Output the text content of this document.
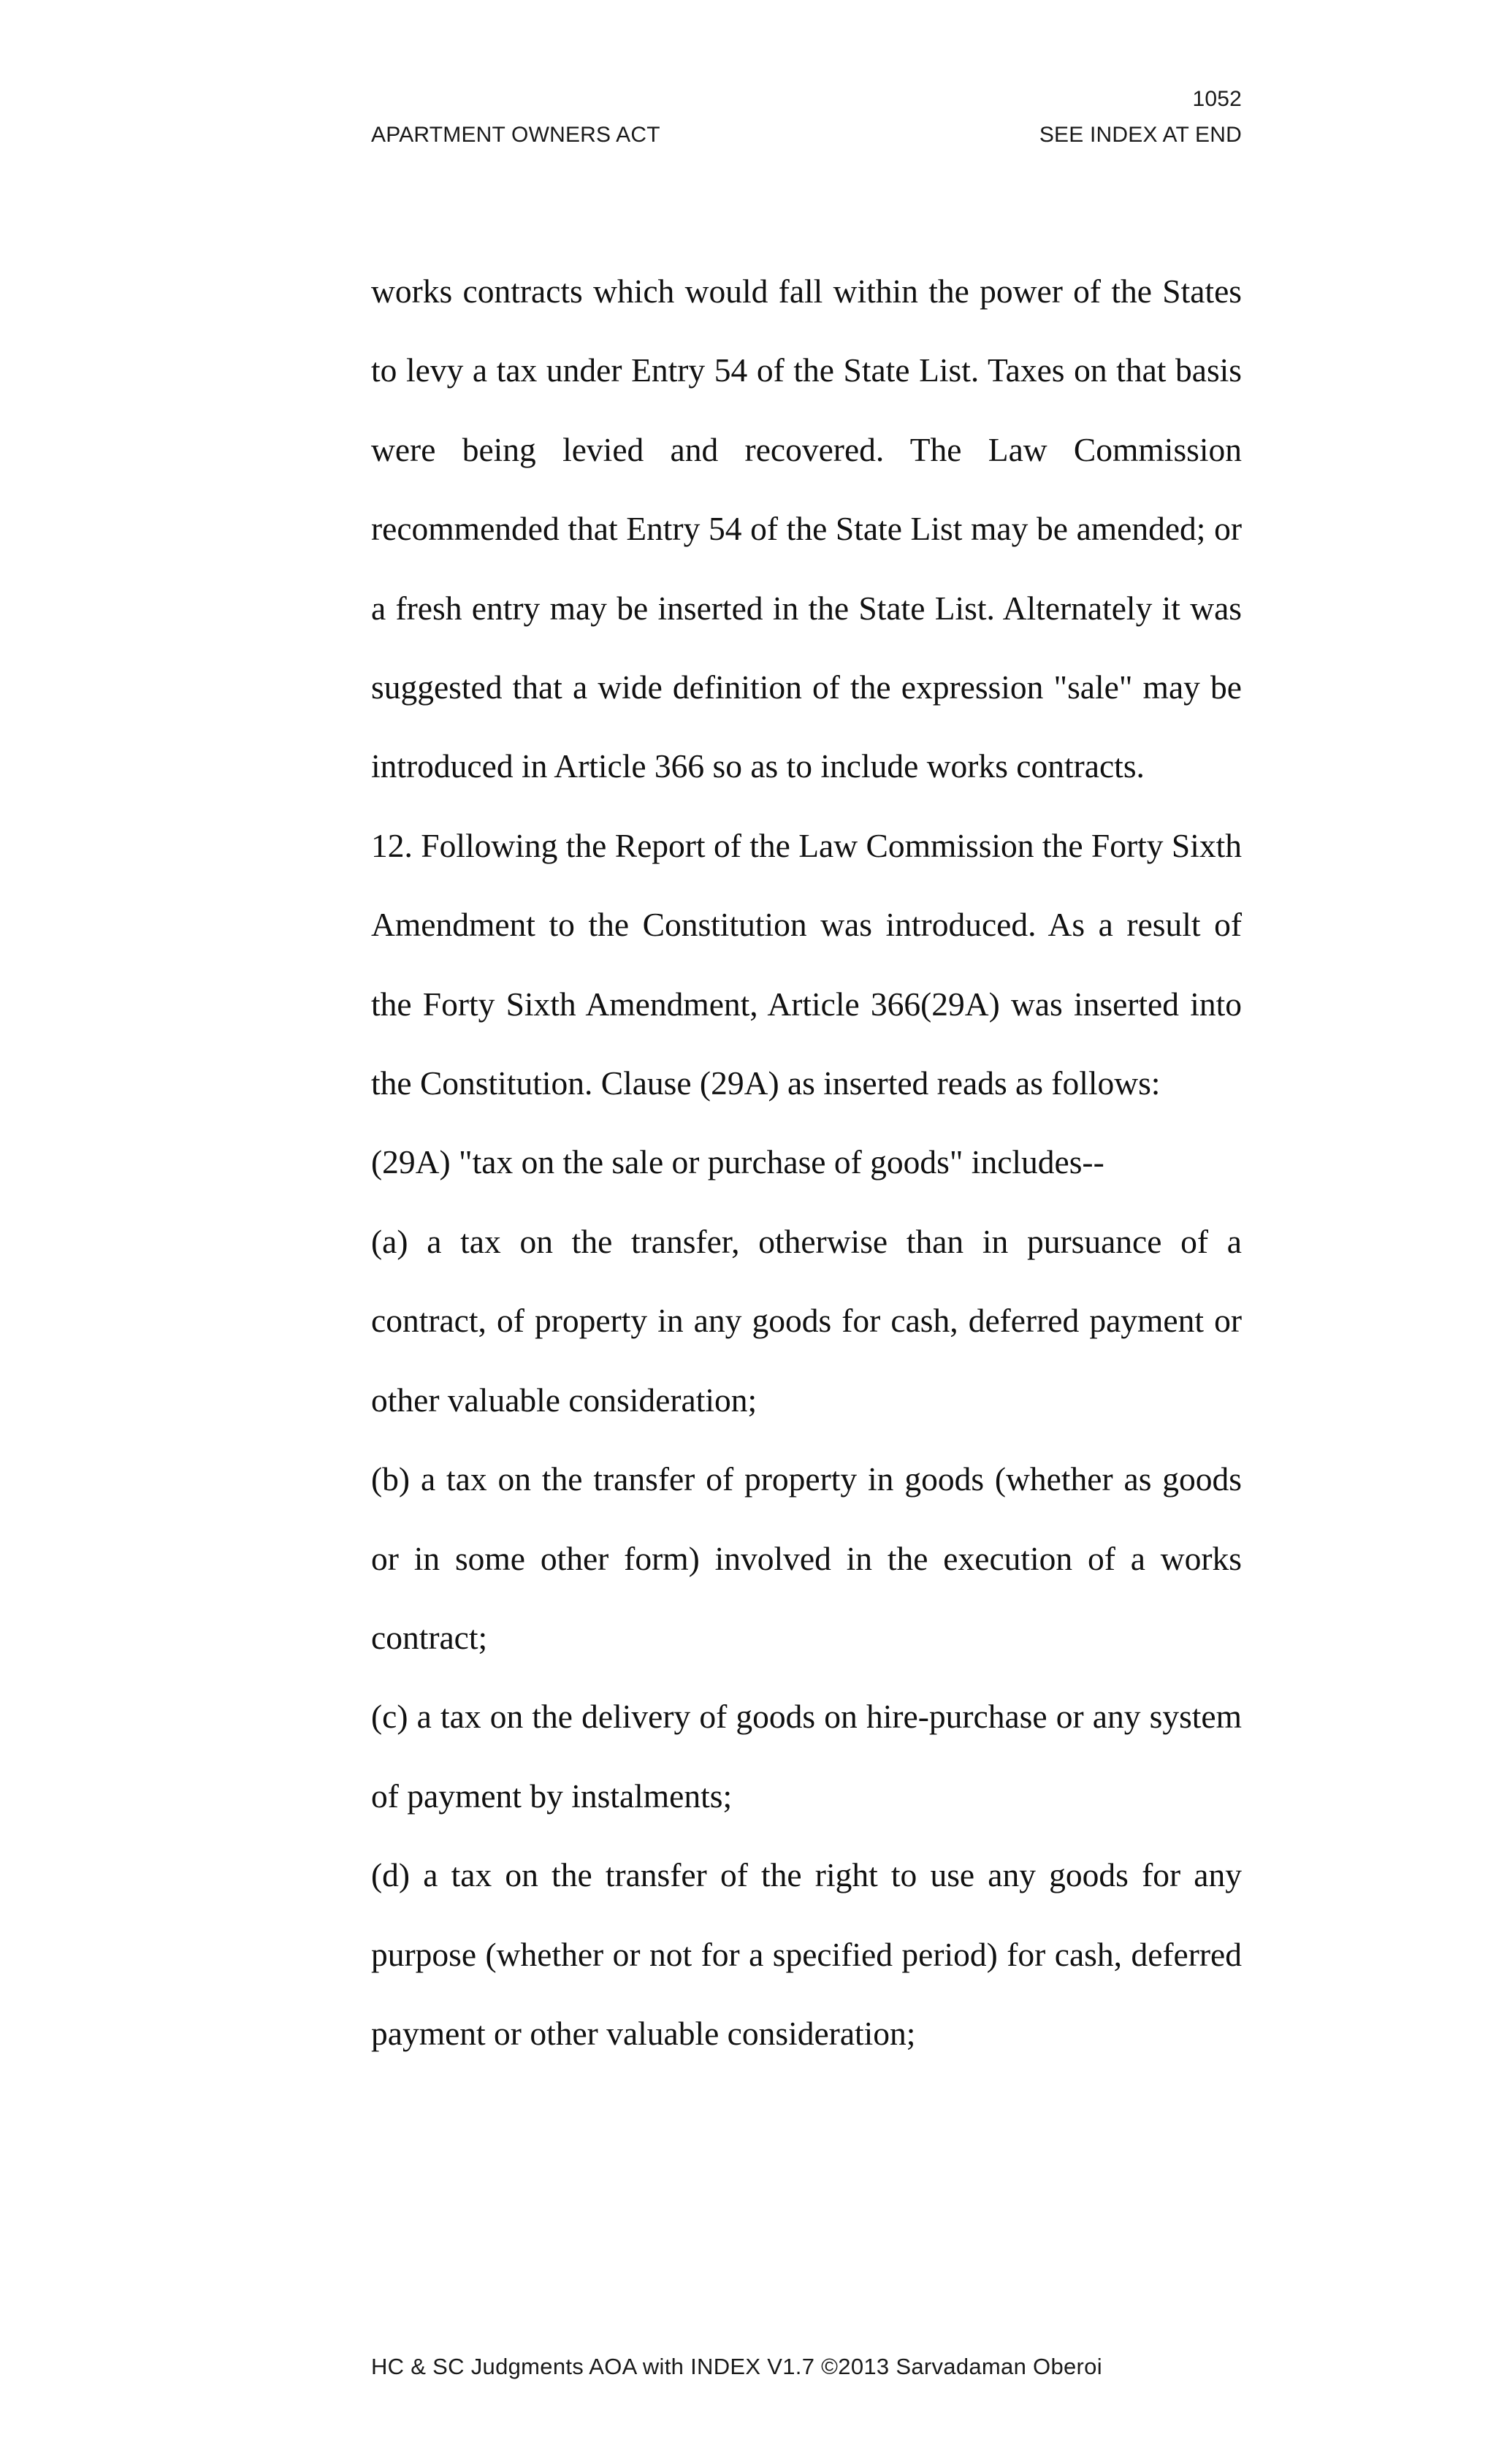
1052
APARTMENT OWNERS ACT	SEE INDEX AT END

works contracts which would fall within the power of the States to levy a tax under Entry 54 of the State List. Taxes on that basis were being levied and recovered. The Law Commission recommended that Entry 54 of the State List may be amended; or a fresh entry may be inserted in the State List. Alternately it was suggested that a wide definition of the expression "sale" may be introduced in Article 366 so as to include works contracts.

12. Following the Report of the Law Commission the Forty Sixth Amendment to the Constitution was introduced. As a result of the Forty Sixth Amendment, Article 366(29A) was inserted into the Constitution. Clause (29A) as inserted reads as follows:

(29A) "tax on the sale or purchase of goods" includes--

(a) a tax on the transfer, otherwise than in pursuance of a contract, of property in any goods for cash, deferred payment or other valuable consideration;

(b) a tax on the transfer of property in goods (whether as goods or in some other form) involved in the execution of a works contract;

(c) a tax on the delivery of goods on hire-purchase or any system of payment by instalments;

(d) a tax on the transfer of the right to use any goods for any purpose (whether or not for a specified period) for cash, deferred payment or other valuable consideration;

HC & SC Judgments AOA with INDEX V1.7 ©2013 Sarvadaman Oberoi
